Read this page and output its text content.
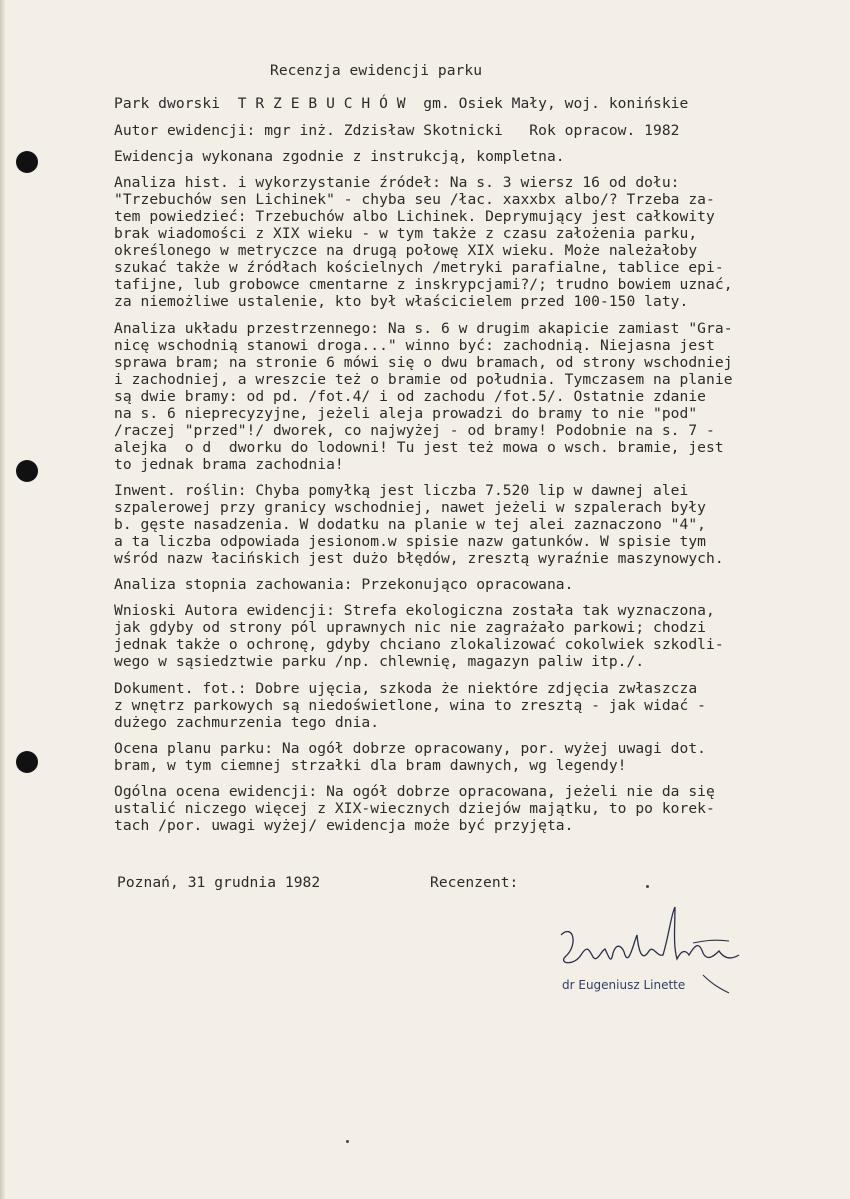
Recenzja ewidencji parku
Park dworski  T R Z E B U C H Ó W  gm. Osiek Mały, woj. konińskie
Autor ewidencji: mgr inż. Zdzisław Skotnicki   Rok opracow. 1982
Ewidencja wykonana zgodnie z instrukcją, kompletna.
Analiza hist. i wykorzystanie źródeł: Na s. 3 wiersz 16 od dołu:
"Trzebuchów sen Lichinek" - chyba seu /łac. xaxxbx albo/? Trzeba za-
tem powiedzieć: Trzebuchów albo Lichinek. Deprymujący jest całkowity
brak wiadomości z XIX wieku - w tym także z czasu założenia parku,
określonego w metryczce na drugą połowę XIX wieku. Może należałoby
szukać także w źródłach kościelnych /metryki parafialne, tablice epi-
tafijne, lub grobowce cmentarne z inskrypcjami?/; trudno bowiem uznać,
za niemożliwe ustalenie, kto był właścicielem przed 100-150 laty.
Analiza układu przestrzennego: Na s. 6 w drugim akapicie zamiast "Gra-
nicę wschodnią stanowi droga..." winno być: zachodnią. Niejasna jest
sprawa bram; na stronie 6 mówi się o dwu bramach, od strony wschodniej
i zachodniej, a wreszcie też o bramie od południa. Tymczasem na planie
są dwie bramy: od pd. /fot.4/ i od zachodu /fot.5/. Ostatnie zdanie
na s. 6 nieprecyzyjne, jeżeli aleja prowadzi do bramy to nie "pod"
/raczej "przed"!/ dworek, co najwyżej - od bramy! Podobnie na s. 7 -
alejka  o d  dworku do lodowni! Tu jest też mowa o wsch. bramie, jest
to jednak brama zachodnia!
Inwent. roślin: Chyba pomyłką jest liczba 7.520 lip w dawnej alei
szpalerowej przy granicy wschodniej, nawet jeżeli w szpalerach były
b. gęste nasadzenia. W dodatku na planie w tej alei zaznaczono "4",
a ta liczba odpowiada jesionom.w spisie nazw gatunków. W spisie tym
wśród nazw łacińskich jest dużo błędów, zresztą wyraźnie maszynowych.
Analiza stopnia zachowania: Przekonująco opracowana.
Wnioski Autora ewidencji: Strefa ekologiczna została tak wyznaczona,
jak gdyby od strony pól uprawnych nic nie zagrażało parkowi; chodzi
jednak także o ochronę, gdyby chciano zlokalizować cokolwiek szkodli-
wego w sąsiedztwie parku /np. chlewnię, magazyn paliw itp./.
Dokument. fot.: Dobre ujęcia, szkoda że niektóre zdjęcia zwłaszcza
z wnętrz parkowych są niedoświetlone, wina to zresztą - jak widać -
dużego zachmurzenia tego dnia.
Ocena planu parku: Na ogół dobrze opracowany, por. wyżej uwagi dot.
bram, w tym ciemnej strzałki dla bram dawnych, wg legendy!
Ogólna ocena ewidencji: Na ogół dobrze opracowana, jeżeli nie da się
ustalić niczego więcej z XIX-wiecznych dziejów majątku, to po korek-
tach /por. uwagi wyżej/ ewidencja może być przyjęta.
Poznań, 31 grudnia 1982	Recenzent:
dr Eugeniusz Linette
